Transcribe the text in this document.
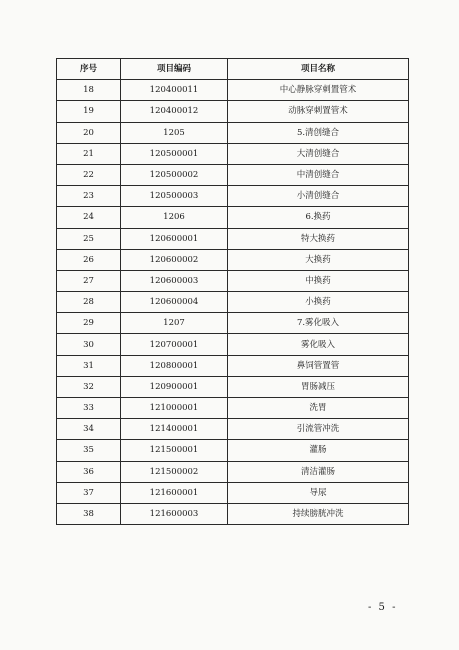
序号	项目编码	项目名称
18	120400011	中心静脉穿刺置管术
19	120400012	动脉穿刺置管术
20	1205	5.清创缝合
21	120500001	大清创缝合
22	120500002	中清创缝合
23	120500003	小清创缝合
24	1206	6.换药
25	120600001	特大换药
26	120600002	大换药
27	120600003	中换药
28	120600004	小换药
29	1207	7.雾化吸入
30	120700001	雾化吸入
31	120800001	鼻饲管置管
32	120900001	胃肠减压
33	121000001	洗胃
34	121400001	引流管冲洗
35	121500001	灌肠
36	121500002	清洁灌肠
37	121600001	导尿
38	121600003	持续膀胱冲洗
- 5 -
